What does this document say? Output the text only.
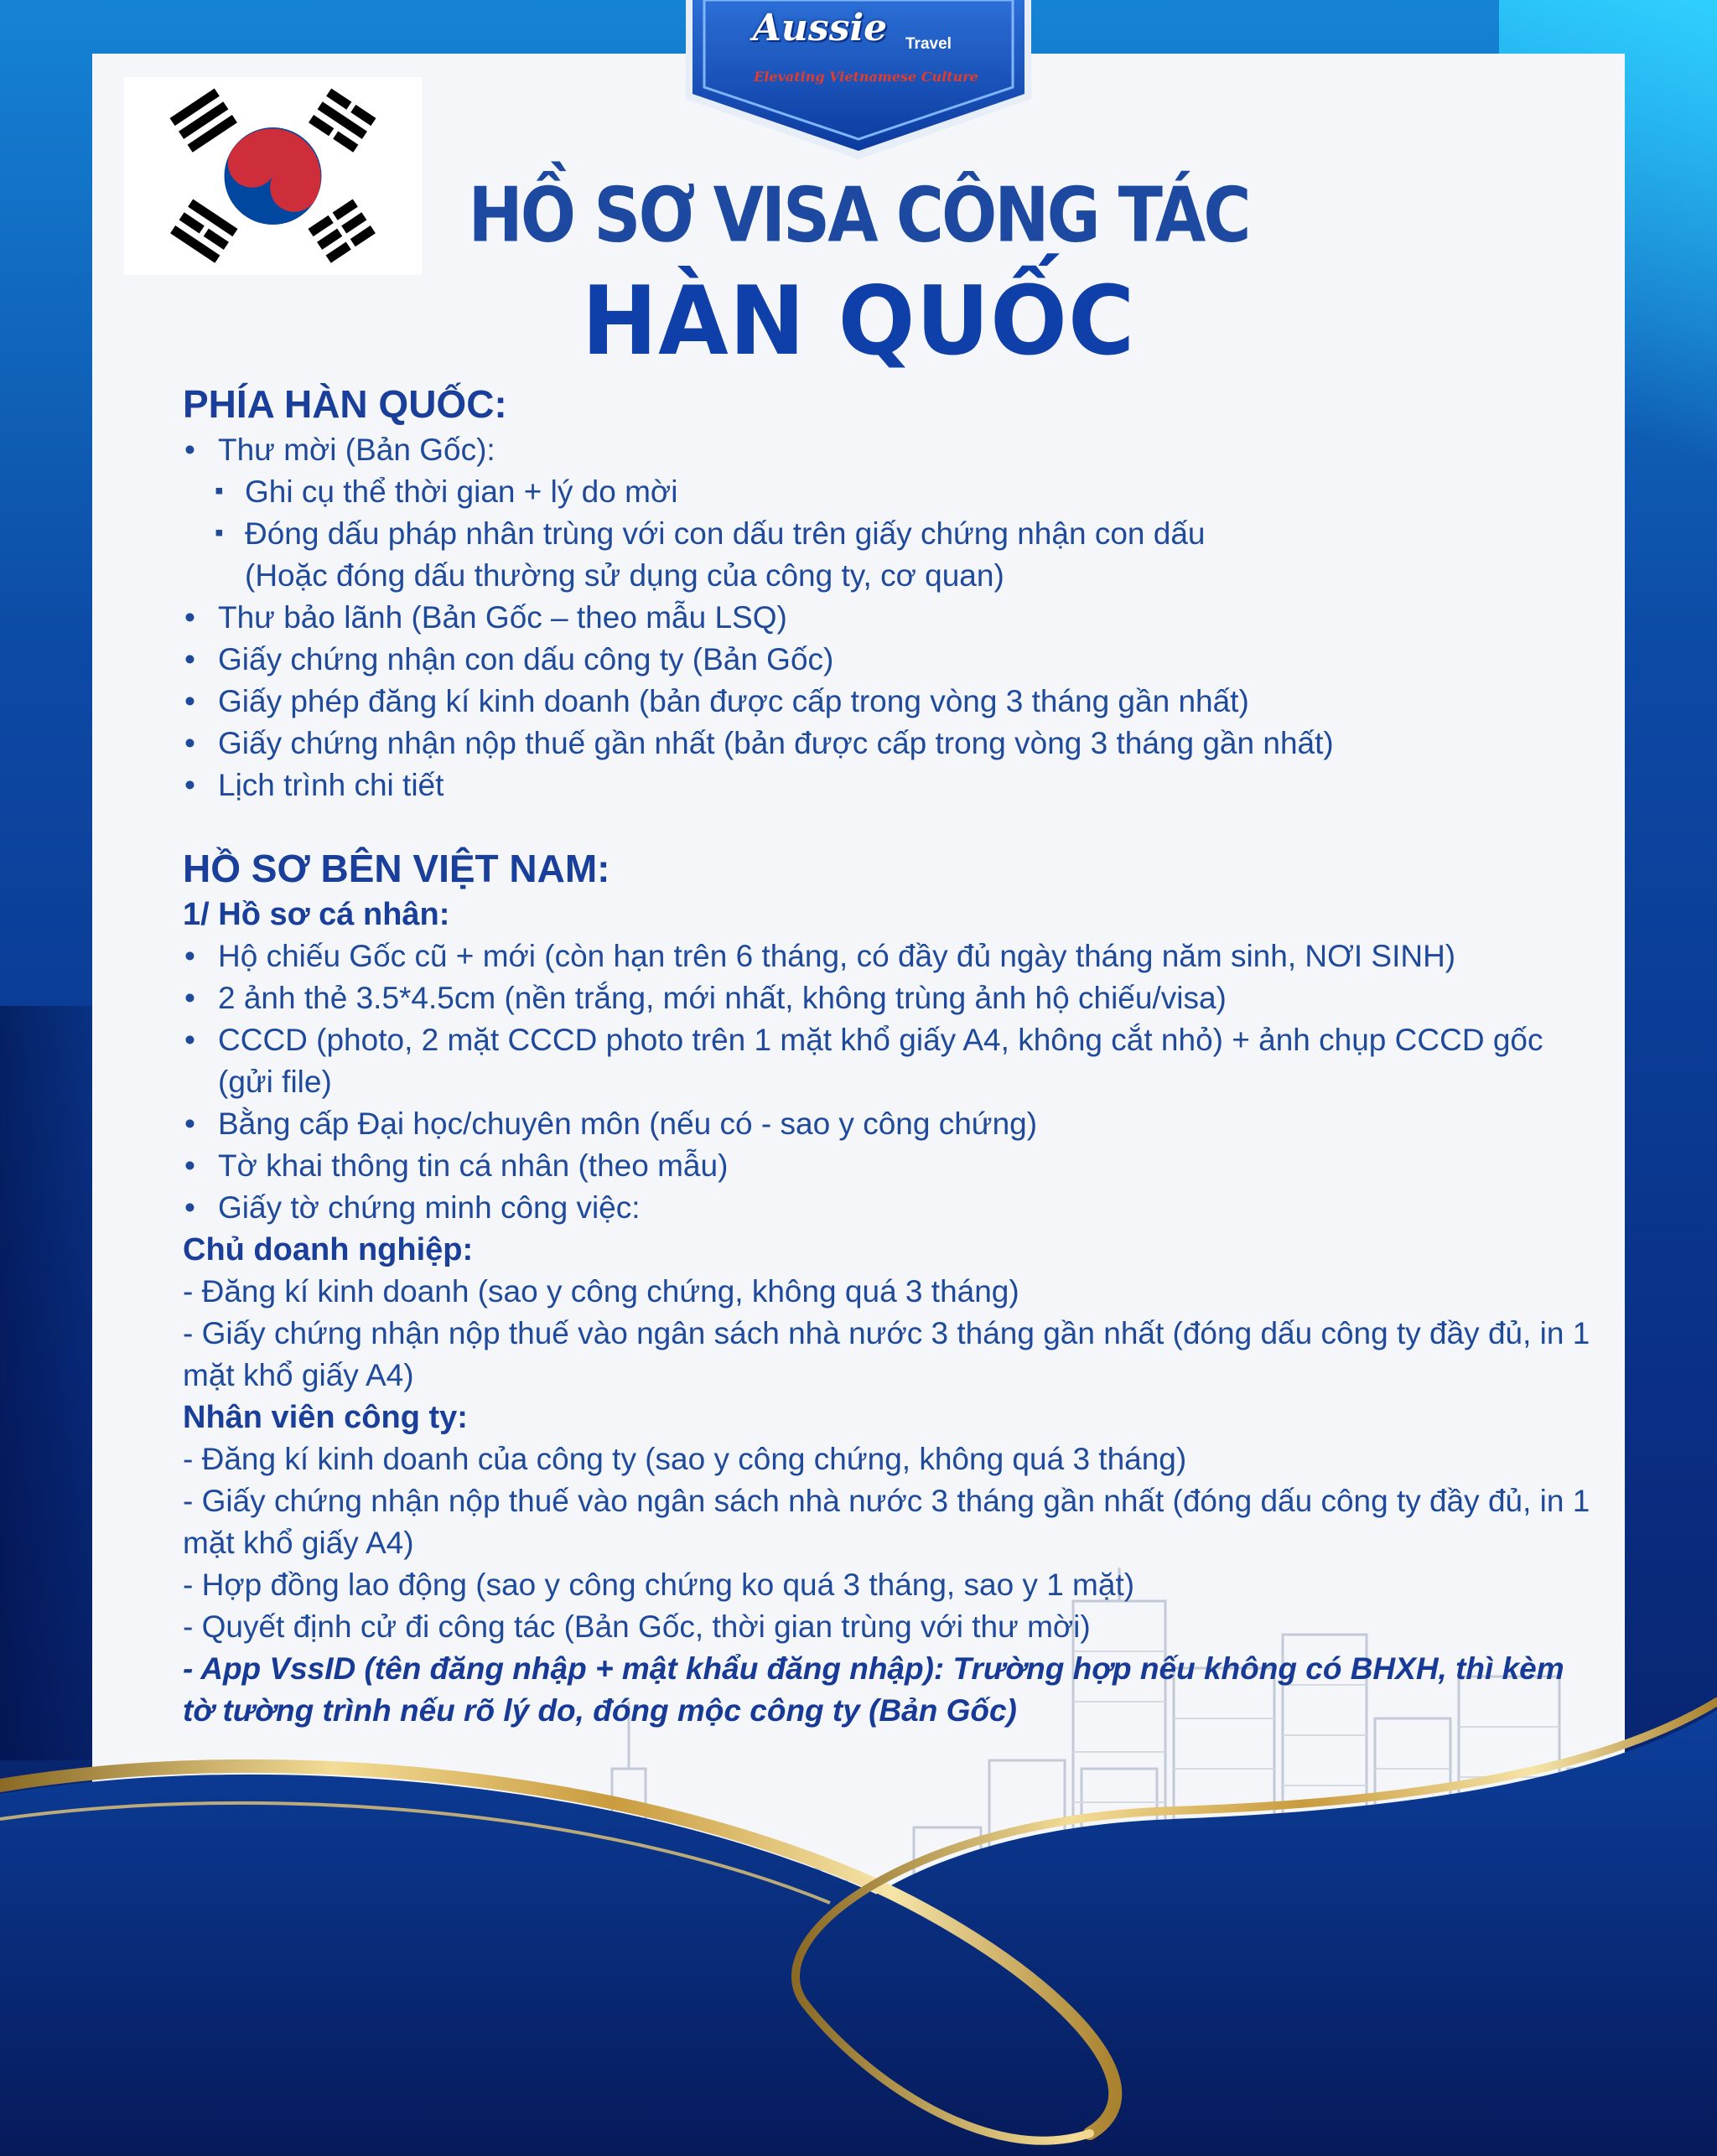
Aussie	Travel
Elevating Vietnamese Culture
HỒ SƠ VISA CÔNG TÁC
HÀN QUỐC
PHÍA HÀN QUỐC:
• Thư mời (Bản Gốc):
▪ Ghi cụ thể thời gian + lý do mời
▪ Đóng dấu pháp nhân trùng với con dấu trên giấy chứng nhận con dấu
(Hoặc đóng dấu thường sử dụng của công ty, cơ quan)
• Thư bảo lãnh (Bản Gốc – theo mẫu LSQ)
• Giấy chứng nhận con dấu công ty (Bản Gốc)
• Giấy phép đăng kí kinh doanh (bản được cấp trong vòng 3 tháng gần nhất)
• Giấy chứng nhận nộp thuế gần nhất (bản được cấp trong vòng 3 tháng gần nhất)
• Lịch trình chi tiết
HỒ SƠ BÊN VIỆT NAM:
1/ Hồ sơ cá nhân:
• Hộ chiếu Gốc cũ + mới (còn hạn trên 6 tháng, có đầy đủ ngày tháng năm sinh, NƠI SINH)
• 2 ảnh thẻ 3.5*4.5cm (nền trắng, mới nhất, không trùng ảnh hộ chiếu/visa)
• CCCD (photo, 2 mặt CCCD photo trên 1 mặt khổ giấy A4, không cắt nhỏ) + ảnh chụp CCCD gốc (gửi file)
• Bằng cấp Đại học/chuyên môn (nếu có - sao y công chứng)
• Tờ khai thông tin cá nhân (theo mẫu)
• Giấy tờ chứng minh công việc:
Chủ doanh nghiệp:
- Đăng kí kinh doanh (sao y công chứng, không quá 3 tháng)
- Giấy chứng nhận nộp thuế vào ngân sách nhà nước 3 tháng gần nhất (đóng dấu công ty đầy đủ, in 1 mặt khổ giấy A4)
Nhân viên công ty:
- Đăng kí kinh doanh của công ty (sao y công chứng, không quá 3 tháng)
- Giấy chứng nhận nộp thuế vào ngân sách nhà nước 3 tháng gần nhất (đóng dấu công ty đầy đủ, in 1 mặt khổ giấy A4)
- Hợp đồng lao động (sao y công chứng ko quá 3 tháng, sao y 1 mặt)
- Quyết định cử đi công tác (Bản Gốc, thời gian trùng với thư mời)
- App VssID (tên đăng nhập + mật khẩu đăng nhập): Trường hợp nếu không có BHXH, thì kèm tờ tường trình nếu rõ lý do, đóng mộc công ty (Bản Gốc)
